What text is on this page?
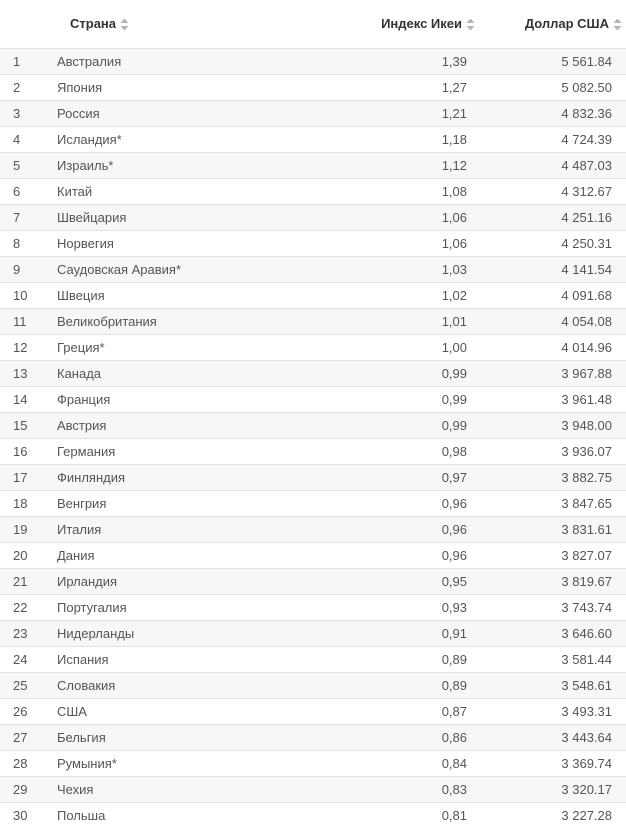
	Страна	Индекс Икеи	Доллар США

1	Австралия	1,39	5 561.84
2	Япония	1,27	5 082.50
3	Россия	1,21	4 832.36
4	Исландия*	1,18	4 724.39
5	Израиль*	1,12	4 487.03
6	Китай	1,08	4 312.67
7	Швейцария	1,06	4 251.16
8	Норвегия	1,06	4 250.31
9	Саудовская Аравия*	1,03	4 141.54
10	Швеция	1,02	4 091.68
11	Великобритания	1,01	4 054.08
12	Греция*	1,00	4 014.96
13	Канада	0,99	3 967.88
14	Франция	0,99	3 961.48
15	Австрия	0,99	3 948.00
16	Германия	0,98	3 936.07
17	Финляндия	0,97	3 882.75
18	Венгрия	0,96	3 847.65
19	Италия	0,96	3 831.61
20	Дания	0,96	3 827.07
21	Ирландия	0,95	3 819.67
22	Португалия	0,93	3 743.74
23	Нидерланды	0,91	3 646.60
24	Испания	0,89	3 581.44
25	Словакия	0,89	3 548.61
26	США	0,87	3 493.31
27	Бельгия	0,86	3 443.64
28	Румыния*	0,84	3 369.74
29	Чехия	0,83	3 320.17
30	Польша	0,81	3 227.28
